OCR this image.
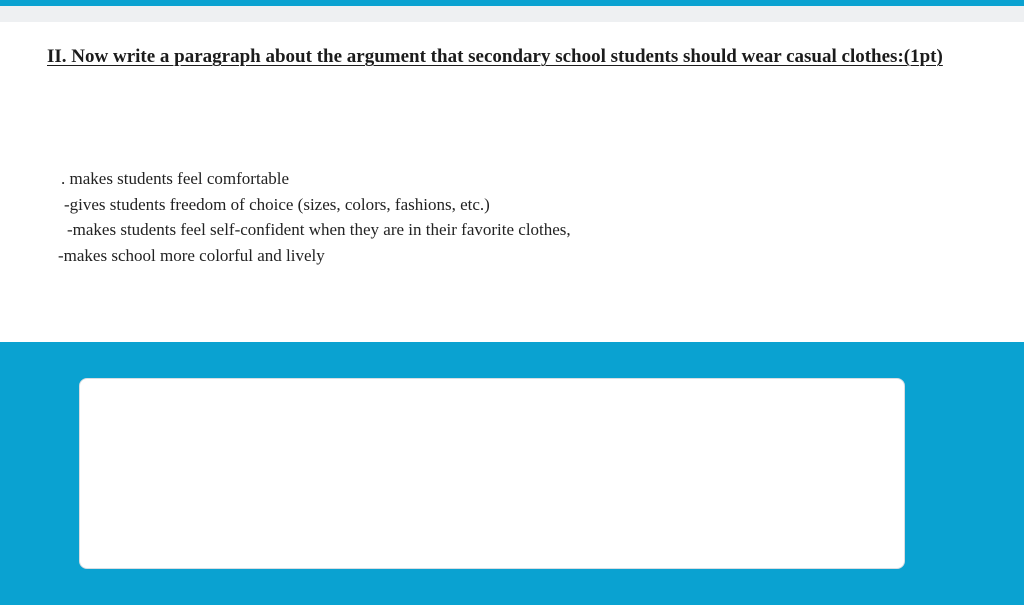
II. Now write a paragraph about the argument that secondary school students should wear casual clothes:(1pt)
. makes students feel comfortable
-gives students freedom of choice (sizes, colors, fashions, etc.)
-makes students feel self-confident when they are in their favorite clothes,
-makes school more colorful and lively
